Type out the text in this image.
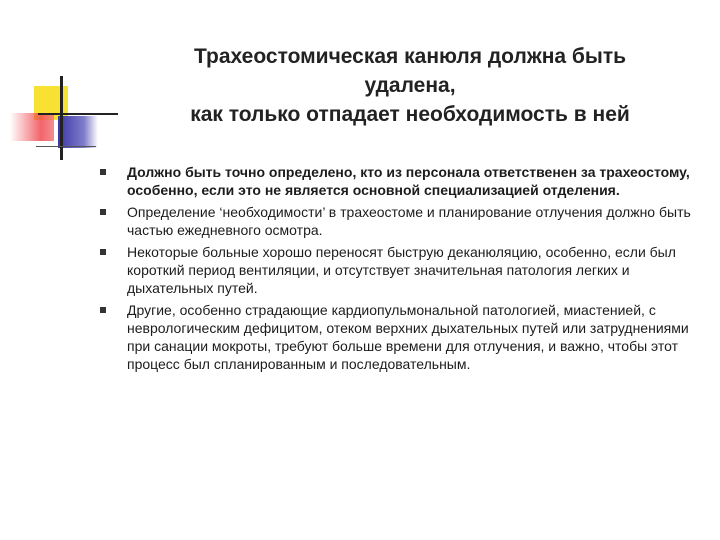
Трахеостомическая канюля должна быть
удалена,
как только отпадает необходимость в ней
Должно быть точно определено, кто из персонала ответственен за трахеостому, особенно, если это не является основной специализацией отделения.
Определение ‘необходимости’ в трахеостоме и планирование отлучения должно быть частью ежедневного осмотра.
Некоторые больные хорошо переносят быструю деканюляцию, особенно, если был короткий период вентиляции, и отсутствует значительная патология легких и дыхательных путей.
Другие, особенно страдающие кардиопульмональной патологией, миастенией, с неврологическим дефицитом, отеком верхних дыхательных путей или затруднениями при санации мокроты, требуют больше времени для отлучения, и важно, чтобы этот процесс был спланированным и последовательным.
